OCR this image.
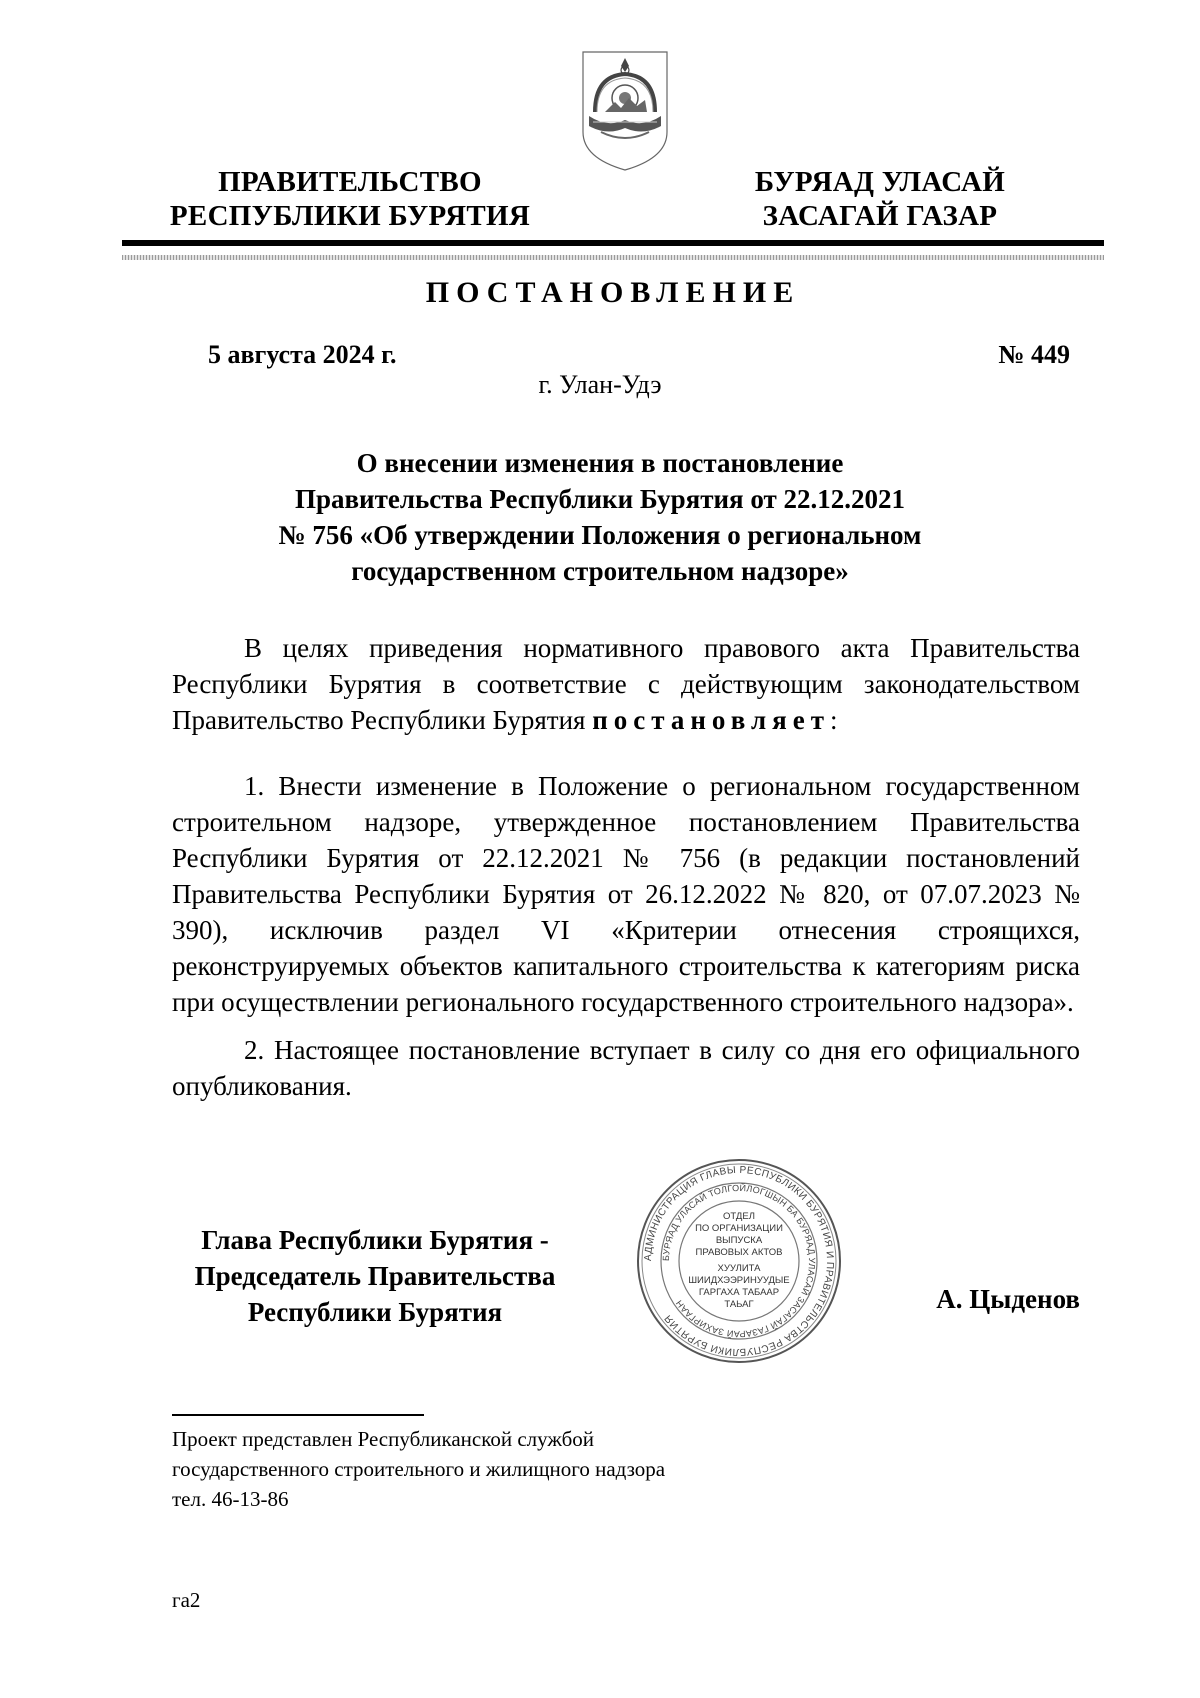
ПРАВИТЕЛЬСТВО
РЕСПУБЛИКИ БУРЯТИЯ
БУРЯАД УЛАСАЙ
ЗАСАГАЙ ГАЗАР
ПОСТАНОВЛЕНИЕ
5 августа 2024 г.	№ 449
г. Улан-Удэ
О внесении изменения в постановление
Правительства Республики Бурятия от 22.12.2021
№ 756 «Об утверждении Положения о региональном
государственном строительном надзоре»
В целях приведения нормативного правового акта Правительства Республики Бурятия в соответствие с действующим законодательством Правительство Республики Бурятия постановляет:
1. Внести изменение в Положение о региональном государственном строительном надзоре, утвержденное постановлением Правительства Республики Бурятия от 22.12.2021 № 756 (в редакции постановлений Правительства Республики Бурятия от 26.12.2022 № 820, от 07.07.2023 № 390), исключив раздел VI «Критерии отнесения строящихся, реконструируемых объектов капитального строительства к категориям риска при осуществлении регионального государственного строительного надзора».
2. Настоящее постановление вступает в силу со дня его официального опубликования.
Глава Республики Бурятия -
Председатель Правительства
Республики Бурятия
АДМИНИСТРАЦИЯ ГЛАВЫ РЕСПУБЛИКИ БУРЯТИЯ И ПРАВИТЕЛЬСТВА РЕСПУБЛИКИ БУРЯТИЯ
БУРЯАД УЛАСАЙ ТОЛГОЙЛОГШЫН БА БУРЯАД УЛАСАЙ ЗАСАГАЙ ГАЗАРАЙ ЗАХИРГААН
ОТДЕЛ
ПО ОРГАНИЗАЦИИ
ВЫПУСКА
ПРАВОВЫХ АКТОВ
ХУУЛИТА
ШИИДХЭЭРИНУУДЫЕ
ГАРГАХА ТАБААР
ТАЬАГ	А. Цыденов
Проект представлен Республиканской службой
государственного строительного и жилищного надзора
тел. 46-13-86
га2
